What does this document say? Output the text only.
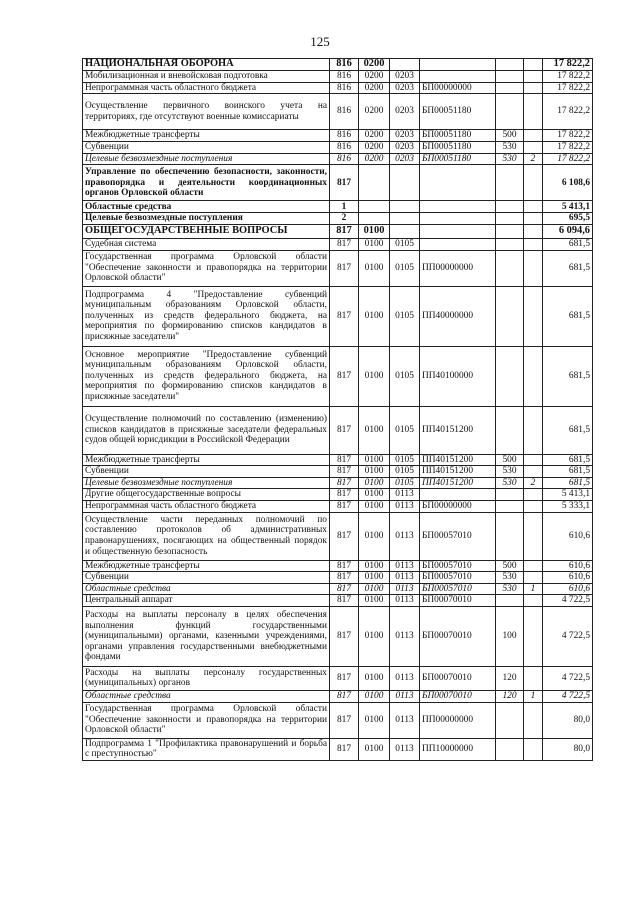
125
НАЦИОНАЛЬНАЯ ОБОРОНА	816	0200					17 822,2
Мобилизационная и вневойсковая подготовка	816	0200	0203				17 822,2
Непрограммная часть областного бюджета	816	0200	0203	БП00000000			17 822,2
Осуществление первичного воинского учета на территориях, где отсутствуют военные комиссариаты	816	0200	0203	БП00051180			17 822,2
Межбюджетные трансферты	816	0200	0203	БП00051180	500		17 822,2
Субвенции	816	0200	0203	БП00051180	530		17 822,2
Целевые безвозмездные поступления	816	0200	0203	БП00051180	530	2	17 822,2
Управление по обеспечению безопасности, законности, правопорядка и деятельности координационных органов Орловской области	817						6 108,6
Областные средства	1						5 413,1
Целевые безвозмездные поступления	2						695,5
ОБЩЕГОСУДАРСТВЕННЫЕ ВОПРОСЫ	817	0100					6 094,6
Судебная система	817	0100	0105				681,5
Государственная программа Орловской области "Обеспечение законности и правопорядка на территории Орловской области"	817	0100	0105	ПП00000000			681,5
Подпрограмма 4 "Предоставление субвенций муниципальным образованиям Орловской области, полученных из средств федерального бюджета, на мероприятия по формированию списков кандидатов в присяжные заседатели"	817	0100	0105	ПП40000000			681,5
Основное мероприятие "Предоставление субвенций муниципальным образованиям Орловской области, полученных из средств федерального бюджета, на мероприятия по формированию списков кандидатов в присяжные заседатели"	817	0100	0105	ПП40100000			681,5
Осуществление полномочий по составлению (изменению) списков кандидатов в присяжные заседатели федеральных судов общей юрисдикции в Российской Федерации	817	0100	0105	ПП40151200			681,5
Межбюджетные трансферты	817	0100	0105	ПП40151200	500		681,5
Субвенции	817	0100	0105	ПП40151200	530		681,5
Целевые безвозмездные поступления	817	0100	0105	ПП40151200	530	2	681,5
Другие общегосударственные вопросы	817	0100	0113				5 413,1
Непрограммная часть областного бюджета	817	0100	0113	БП00000000			5 333,1
Осуществление части переданных полномочий по составлению протоколов об административных правонарушениях, посягающих на общественный порядок и общественную безопасность	817	0100	0113	БП00057010			610,6
Межбюджетные трансферты	817	0100	0113	БП00057010	500		610,6
Субвенции	817	0100	0113	БП00057010	530		610,6
Областные средства	817	0100	0113	БП00057010	530	1	610,6
Центральный аппарат	817	0100	0113	БП00070010			4 722,5
Расходы на выплаты персоналу в целях обеспечения выполнения функций государственными (муниципальными) органами, казенными учреждениями, органами управления государственными внебюджетными фондами	817	0100	0113	БП00070010	100		4 722,5
Расходы на выплаты персоналу государственных (муниципальных) органов	817	0100	0113	БП00070010	120		4 722,5
Областные средства	817	0100	0113	БП00070010	120	1	4 722,5
Государственная программа Орловской области "Обеспечение законности и правопорядка на территории Орловской области"	817	0100	0113	ПП00000000			80,0
Подпрограмма 1 "Профилактика правонарушений и борьба с преступностью"	817	0100	0113	ПП10000000			80,0
